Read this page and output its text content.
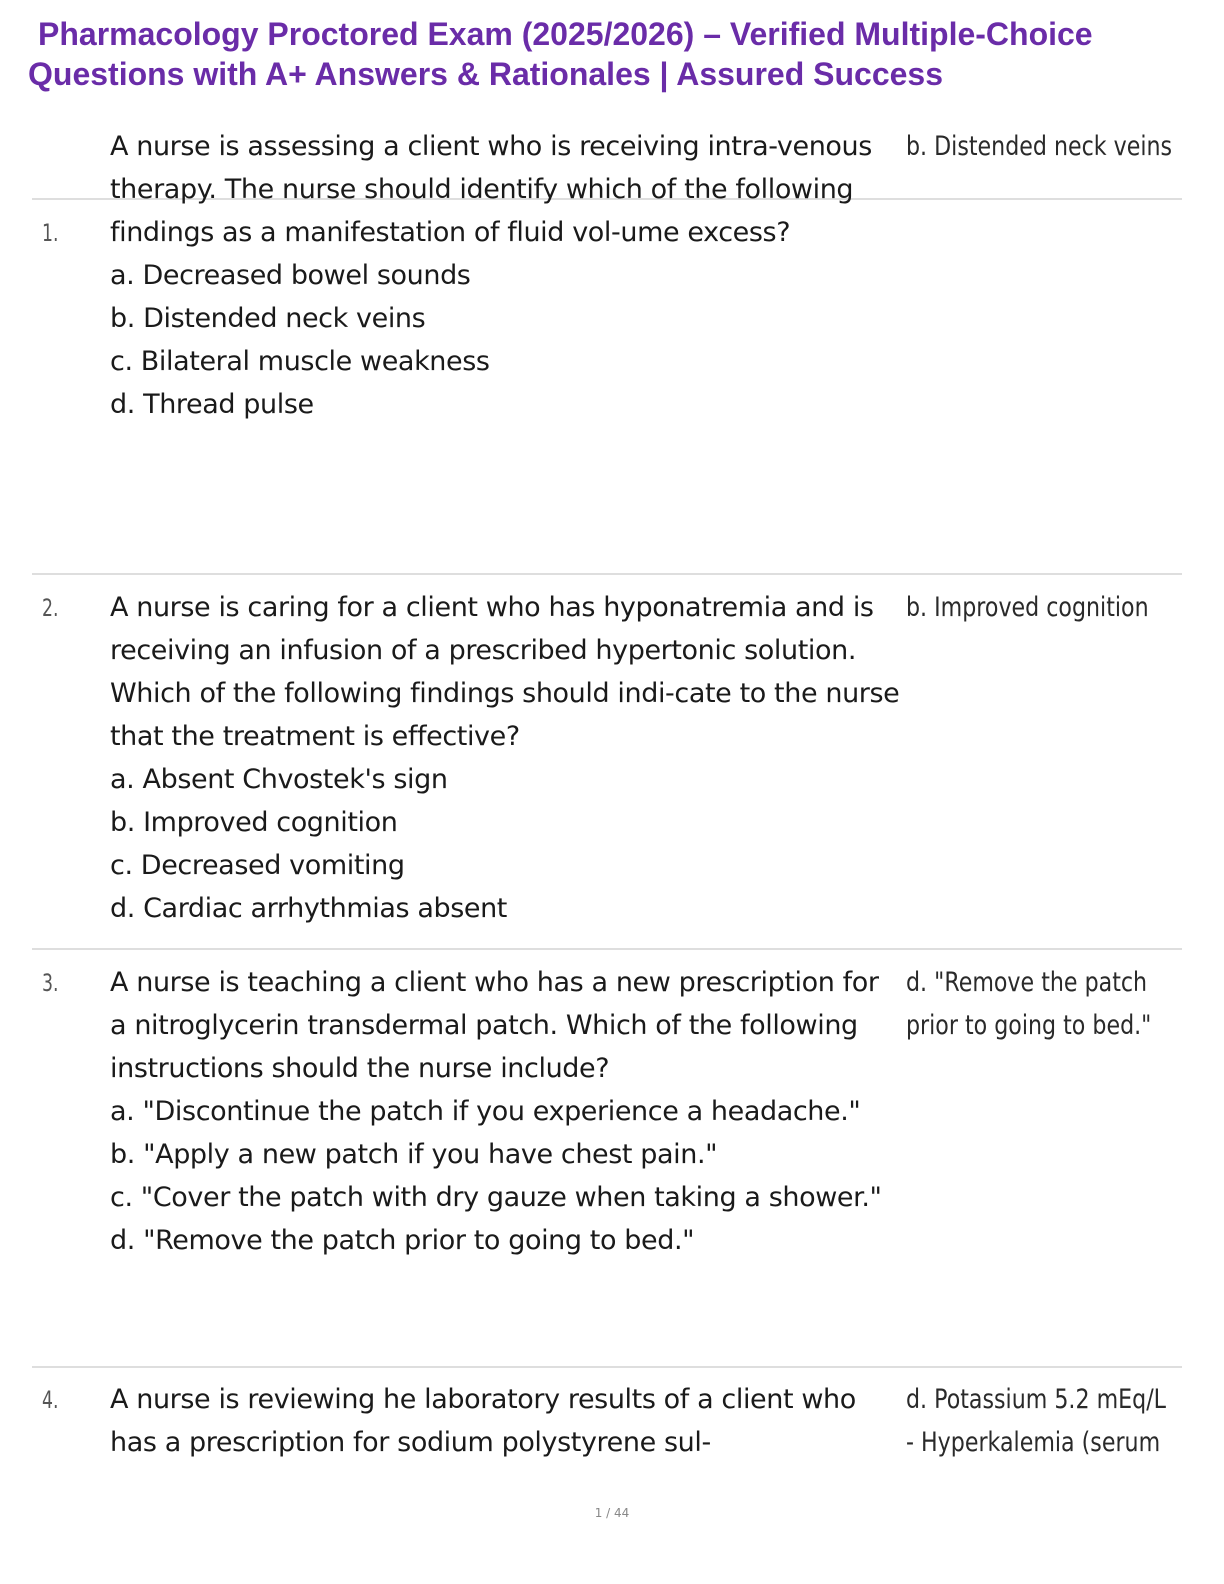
Pharmacology Proctored Exam (2025/2026) – Verified Multiple-Choice
Questions with A+ Answers & Rationales | Assured Success
1.

A nurse is assessing a client who is receiving intra-venous therapy. The nurse should identify which of the following findings as a manifestation of fluid vol-ume excess?

a. Decreased bowel sounds

b. Distended neck veins

c. Bilateral muscle weakness

d. Thread pulse

b. Distended neck veins
2. A nurse is caring for a client who has hyponatremia and is receiving an infusion of a prescribed hypertonic solution. Which of the following findings should indi-cate to the nurse that the treatment is effective?

a. Absent Chvostek's sign

b. Improved cognition

c. Decreased vomiting

d. Cardiac arrhythmias absent

b. Improved cognition
3. A nurse is teaching a client who has a new prescription for a nitroglycerin transdermal patch. Which of the following instructions should the nurse include?

a. "Discontinue the patch if you experience a headache."

b. "Apply a new patch if you have chest pain."

c. "Cover the patch with dry gauze when taking a shower."

d. "Remove the patch prior to going to bed."

d. "Remove the patch prior to going to bed."
4. A nurse is reviewing he laboratory results of a client who has a prescription for sodium polystyrene sul-

d. Potassium 5.2 mEq/L - Hyperkalemia (serum
1 / 44
